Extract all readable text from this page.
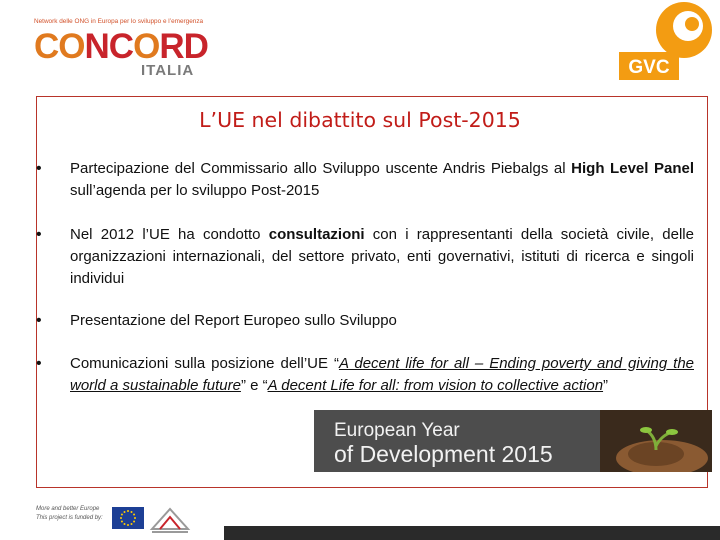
Network delle ONG in Europa per lo sviluppo e l’emergenza
CONCORD
ITALIA	GVC
L’UE nel dibattito sul Post-2015
• Partecipazione del Commissario allo Sviluppo uscente Andris Piebalgs al High Level Panel sull’agenda per lo sviluppo Post-2015
• Nel 2012 l’UE ha condotto consultazioni con i rappresentanti della società civile, delle organizzazioni internazionali, del settore privato, enti governativi, istituti di ricerca e singoli individui
• Presentazione del Report Europeo sullo Sviluppo
• Comunicazioni sulla posizione dell’UE “A decent life for all – Ending poverty and giving the world a sustainable future” e “A decent Life for all: from vision to collective action”
European Year
of Development 2015
More and better Europe
This project is funded by:
